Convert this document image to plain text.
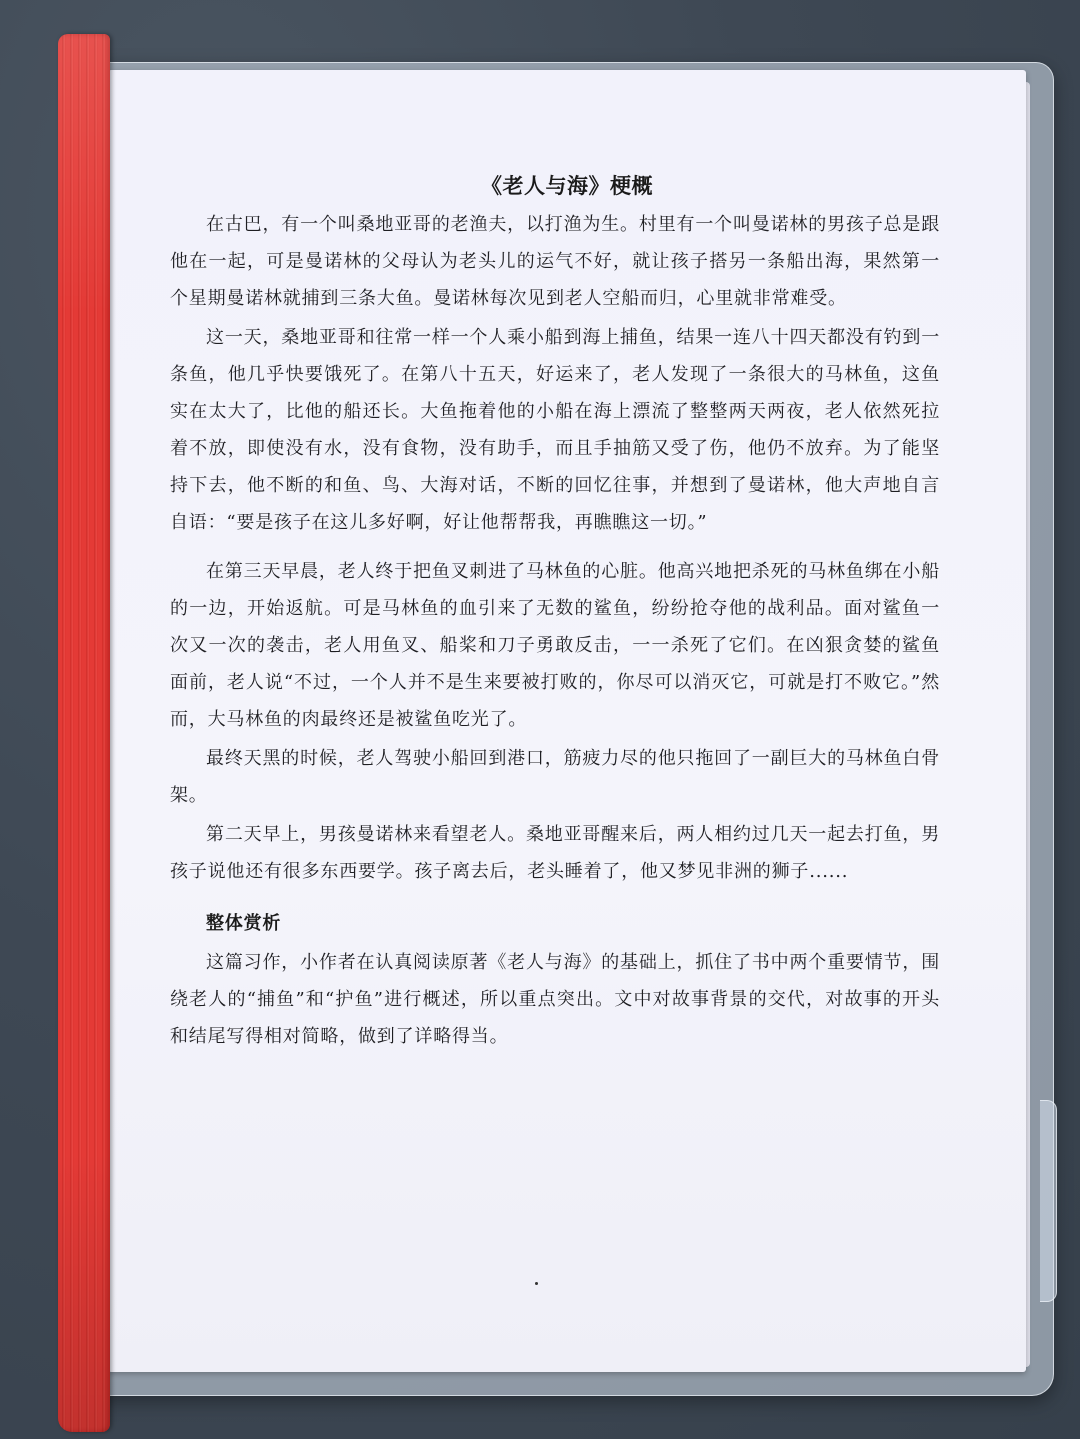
《老人与海》梗概

在古巴，有一个叫桑地亚哥的老渔夫，以打渔为生。村里有一个叫曼诺林的男孩子总是跟他在一起，可是曼诺林的父母认为老头儿的运气不好，就让孩子搭另一条船出海，果然第一个星期曼诺林就捕到三条大鱼。曼诺林每次见到老人空船而归，心里就非常难受。

这一天，桑地亚哥和往常一样一个人乘小船到海上捕鱼，结果一连八十四天都没有钓到一条鱼，他几乎快要饿死了。在第八十五天，好运来了，老人发现了一条很大的马林鱼，这鱼实在太大了，比他的船还长。大鱼拖着他的小船在海上漂流了整整两天两夜，老人依然死拉着不放，即使没有水，没有食物，没有助手，而且手抽筋又受了伤，他仍不放弃。为了能坚持下去，他不断的和鱼、鸟、大海对话，不断的回忆往事，并想到了曼诺林，他大声地自言自语：“要是孩子在这儿多好啊，好让他帮帮我，再瞧瞧这一切。”

在第三天早晨，老人终于把鱼叉刺进了马林鱼的心脏。他高兴地把杀死的马林鱼绑在小船的一边，开始返航。可是马林鱼的血引来了无数的鲨鱼，纷纷抢夺他的战利品。面对鲨鱼一次又一次的袭击，老人用鱼叉、船桨和刀子勇敢反击，一一杀死了它们。在凶狠贪婪的鲨鱼面前，老人说“不过，一个人并不是生来要被打败的，你尽可以消灭它，可就是打不败它。”然而，大马林鱼的肉最终还是被鲨鱼吃光了。

最终天黑的时候，老人驾驶小船回到港口，筋疲力尽的他只拖回了一副巨大的马林鱼白骨架。

第二天早上，男孩曼诺林来看望老人。桑地亚哥醒来后，两人相约过几天一起去打鱼，男孩子说他还有很多东西要学。孩子离去后，老头睡着了，他又梦见非洲的狮子......

整体赏析

这篇习作，小作者在认真阅读原著《老人与海》的基础上，抓住了书中两个重要情节，围绕老人的“捕鱼”和“护鱼”进行概述，所以重点突出。文中对故事背景的交代，对故事的开头和结尾写得相对简略，做到了详略得当。
